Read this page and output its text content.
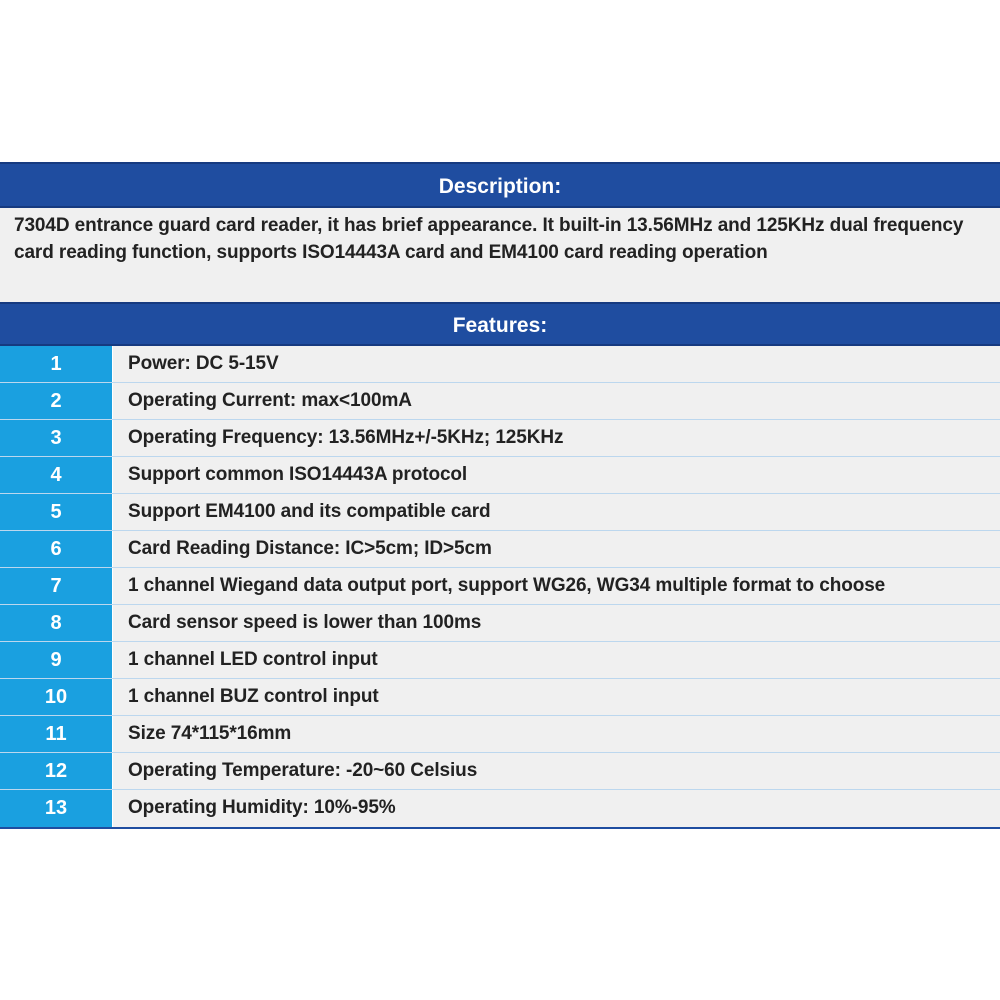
Description:
7304D entrance guard card reader, it has brief appearance. It built-in 13.56MHz and 125KHz dual frequency card reading function, supports ISO14443A card and EM4100 card reading operation
Features:
1	Power: DC 5-15V
2	Operating Current: max<100mA
3	Operating Frequency: 13.56MHz+/-5KHz; 125KHz
4	Support common ISO14443A protocol
5	Support EM4100 and its compatible card
6	Card Reading Distance: IC>5cm; ID>5cm
7	1 channel Wiegand data output port, support WG26, WG34 multiple format to choose
8	Card sensor speed is lower than 100ms
9	1 channel LED control input
10	1 channel BUZ control input
11	Size 74*115*16mm
12	Operating Temperature: -20~60 Celsius
13	Operating Humidity: 10%-95%
